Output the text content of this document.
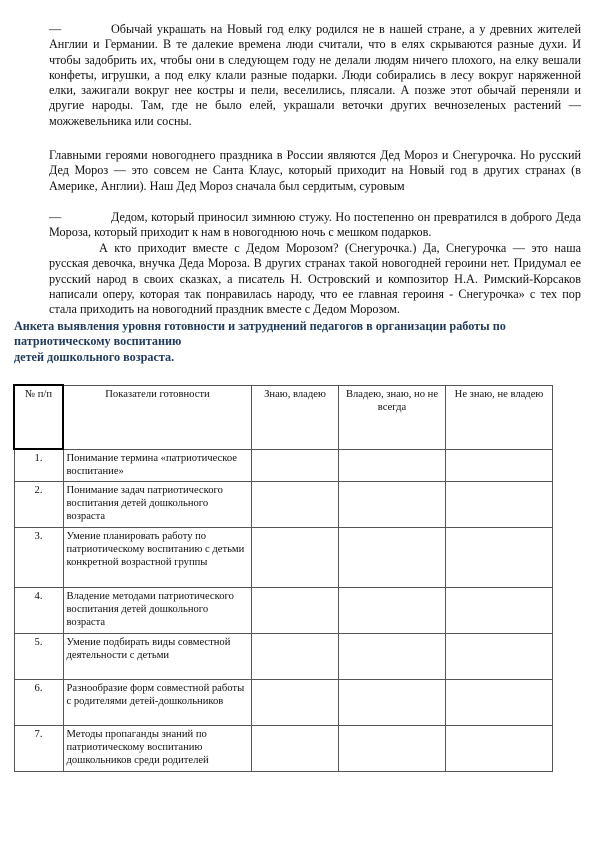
—	Обычай украшать на Новый год елку родился не в нашей стране, а у древних жителей Англии и Германии. В те далекие времена люди считали, что в елях скрываются разные духи. И чтобы задобрить их, чтобы они в следующем году не делали людям ничего плохого, на елку вешали конфеты, игрушки, а под елку клали разные подарки. Люди собирались в лесу вокруг наряженной елки, зажигали вокруг нее костры и пели, веселились, плясали. А позже этот обычай переняли и другие народы. Там, где не было елей, украшали веточки других вечнозеленых растений — можжевельника или сосны.

Главными героями новогоднего праздника в России являются Дед Мороз и Снегурочка. Но русский Дед Мороз — это совсем не Санта Клаус, который приходит на Новый год в других странах (в Америке, Англии). Наш Дед Мороз сначала был сердитым, суровым

—	Дедом, который приносил зимнюю стужу. Но постепенно он превратился в доброго Деда Мороза, который приходит к нам в новогоднюю ночь с мешком подарков.

А кто приходит вместе с Дедом Морозом? (Снегурочка.) Да, Снегурочка — это наша русская девочка, внучка Деда Мороза. В других странах такой новогодней героини нет. Придумал ее русский народ в своих сказках, а писатель Н. Островский и композитор Н.А. Римский-Корсаков написали оперу, которая так понравилась народу, что ее главная героиня - Снегурочка» с тех пор стала приходить на новогодний праздник вместе с Дедом Морозом.

Анкета выявления уровня готовности и затруднений педагогов в организации работы по патриотическому воспитанию
детей дошкольного возраста.

№ п/п	Показатели готовности	Знаю, владею	Владею, знаю, но не всегда	Не знаю, не владею
1.	Понимание термина «патриотическое воспитание»			
2.	Понимание задач патриотического воспитания детей дошкольного возраста			
3.	Умение планировать работу по патриотическому воспитанию с детьми конкретной возрастной группы			
4.	Владение методами патриотического воспитания детей дошкольного возраста			
5.	Умение подбирать виды совместной деятельности с детьми			
6.	Разнообразие форм совместной работы с родителями детей-дошкольников			
7.	Методы пропаганды знаний по патриотическому воспитанию дошкольников среди родителей			
